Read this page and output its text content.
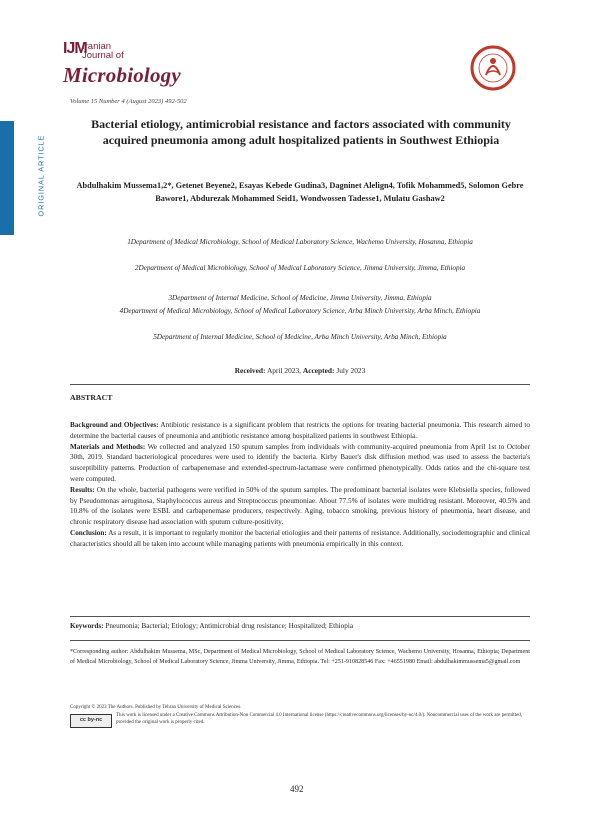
IJM
Iranian
Journal of
Microbiology
Volume 15 Number 4 (August 2023) 492-502
ORIGINAL ARTICLE
Bacterial etiology, antimicrobial resistance and factors associated with community acquired pneumonia among adult hospitalized patients in Southwest Ethiopia
Abdulhakim Mussema1,2*, Getenet Beyene2, Esayas Kebede Gudina3, Dagninet Alelign4, Tofik Mohammed5, Solomon Gebre Bawore1, Abdurezak Mohammed Seid1, Wondwossen Tadesse1, Mulatu Gashaw2
1Department of Medical Microbiology, School of Medical Laboratory Science, Wachemo University, Hosanna, Ethiopia
2Department of Medical Microbiology, School of Medical Laboratory Science, Jimma University, Jimma, Ethiopia
3Department of Internal Medicine, School of Medicine, Jimma University, Jimma, Ethiopia
4Department of Medical Microbiology, School of Medical Laboratory Science, Arba Minch University, Arba Minch, Ethiopia
5Department of Internal Medicine, School of Medicine, Arba Minch University, Arba Minch, Ethiopia
Received: April 2023, Accepted: July 2023
ABSTRACT

Background and Objectives: Antibiotic resistance is a significant problem that restricts the options for treating bacterial pneumonia. This research aimed to determine the bacterial causes of pneumonia and antibiotic resistance among hospitalized patients in southwest Ethiopia.

Materials and Methods: We collected and analyzed 150 sputum samples from individuals with community-acquired pneumonia from April 1st to October 30th, 2019. Standard bacteriological procedures were used to identify the bacteria. Kirby Bauer's disk diffusion method was used to assess the bacteria's susceptibility patterns. Production of carbapenemase and extended-spectrum-lactamase were confirmed phenotypically. Odds ratios and the chi-square test were computed.

Results: On the whole, bacterial pathogens were verified in 50% of the sputum samples. The predominant bacterial isolates were Klebsiella species, followed by Pseudomonas aeruginosa, Staphylococcus aureus and Streptococcus pneumoniae. About 77.5% of isolates were multidrug resistant. Moreover, 40.5% and 10.8% of the isolates were ESBL and carbapenemase producers, respectively. Aging, tobacco smoking, previous history of pneumonia, heart disease, and chronic respiratory disease had association with sputum culture-positivity.

Conclusion: As a result, it is important to regularly monitor the bacterial etiologies and their patterns of resistance. Additionally, sociodemographic and clinical characteristics should all be taken into account while managing patients with pneumonia empirically in this context.

Keywords: Pneumonia; Bacterial; Etiology; Antimicrobial drug resistance; Hospitalized; Ethiopia
*Corresponding author: Abdulhakim Mussema, MSc, Department of Medical Microbiology, School of Medical Laboratory Science, Wachemo University, Hosanna, Ethiopia; Department of Medical Microbiology, School of Medical Laboratory Science, Jimma University, Jimma, Ethiopia. Tel: +251-910828546 Fax: +46551980 Email: abdulhakimmussema5@gmail.com
Copyright © 2023 The Authors. Published by Tehran University of Medical Sciences.
cc by-nc
This work is licensed under a Creative Commons Attribution-Non Commercial 4.0 International license (https://creativecommons.org/licenses/by-nc/4.0/). Noncommercial uses of the work are permitted, provided the original work is properly cited.
492
